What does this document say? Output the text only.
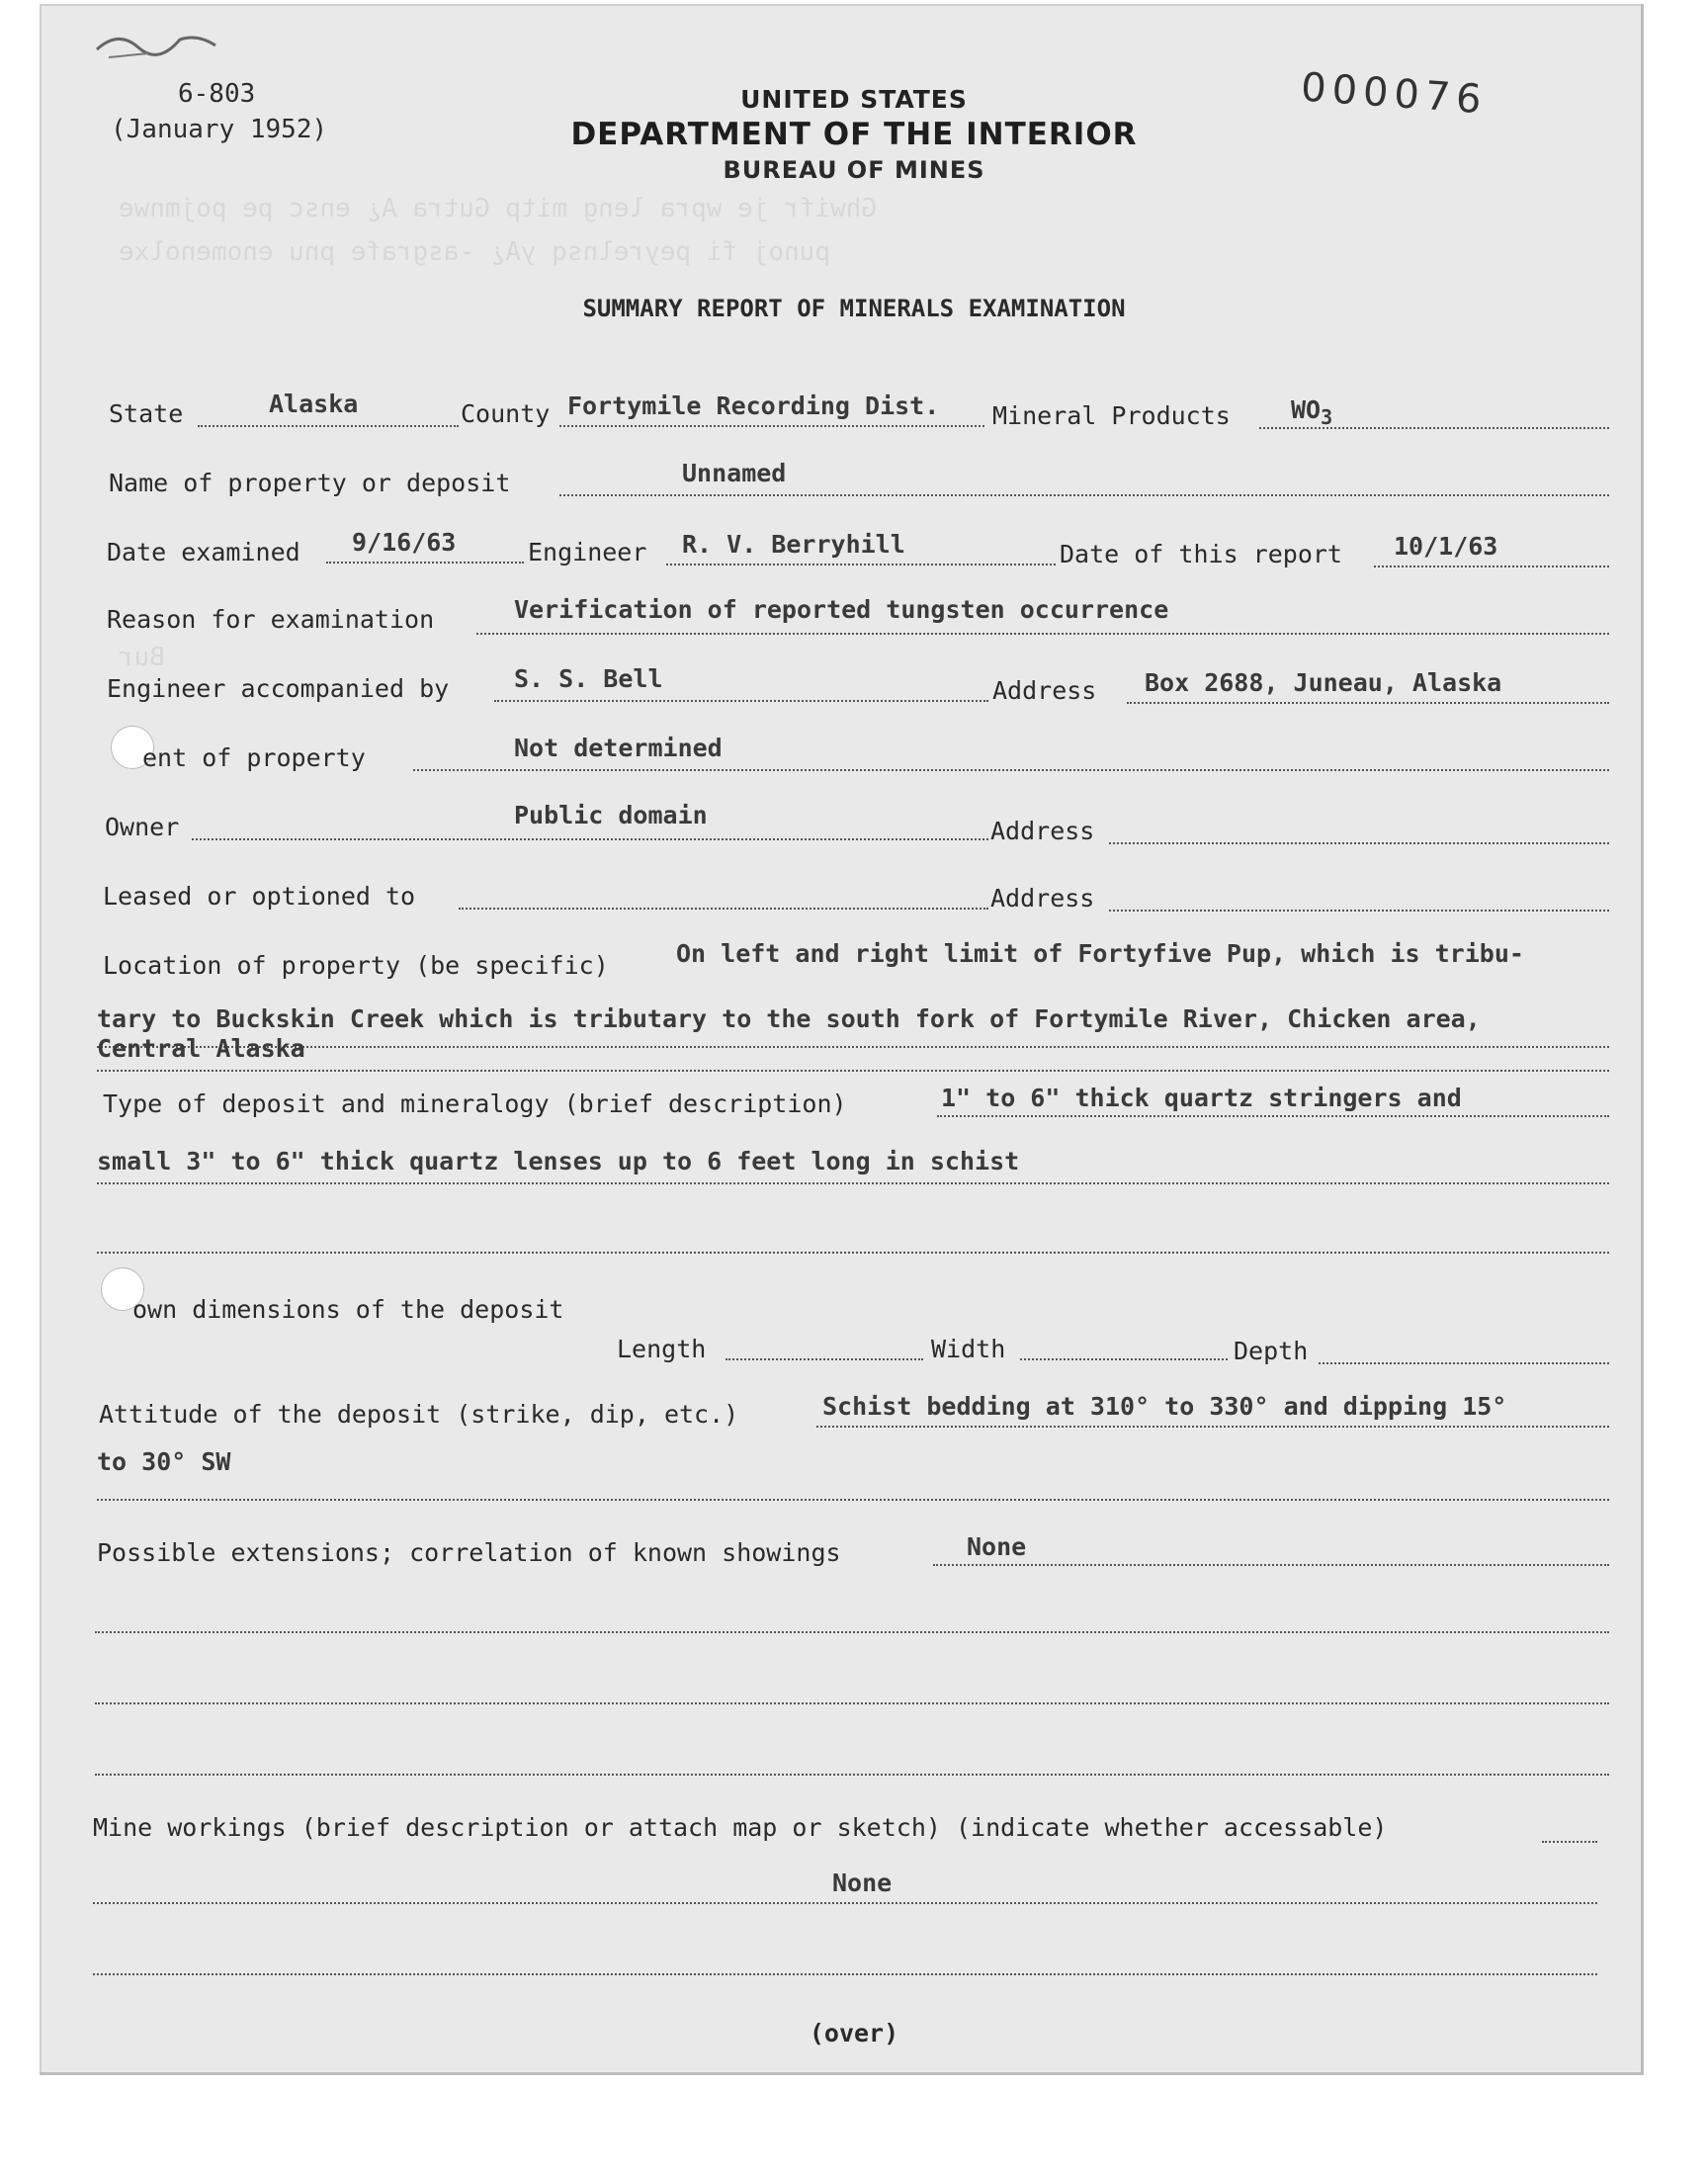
Ghwifr je wpra leng mitp Gutra A¿ ensc pe pojmnwe
punoj fi peyrelnsq yA¿ -asgrafe pnu enomenolxe
Bur
6-803
(January 1952)
UNITED STATES
DEPARTMENT OF THE INTERIOR
BUREAU OF MINES
000076
SUMMARY REPORT OF MINERALS EXAMINATION
State	Alaska	County Fortymile Recording Dist. Mineral Products $WO_3$
Name of property or deposit	Unnamed
Date examined 9/16/63	Engineer R. V. Berryhill	Date of this report 10/1/63
Reason for examination	Verification of reported tungsten occurrence
Engineer accompanied by	S. S. Bell	Address Box 2688, Juneau, Alaska
ent of property	Not determined
Owner	Public domain
Address
Leased or optioned to	Address
Location of property (be specific)	On left and right limit of Fortyfive Pup, which is tribu-
tary to Buckskin Creek which is tributary to the south fork of Fortymile River, Chicken area,
Central Alaska
Type of deposit and mineralogy (brief description)	1" to 6" thick quartz stringers and
small 3" to 6" thick quartz lenses up to 6 feet long in schist
own dimensions of the deposit
Length	Width	Depth
Attitude of the deposit (strike, dip, etc.)	Schist bedding at 310° to 330° and dipping 15°
to 30° SW
Possible extensions; correlation of known showings	None
Mine workings (brief description or attach map or sketch) (indicate whether accessable)
None
(over)
